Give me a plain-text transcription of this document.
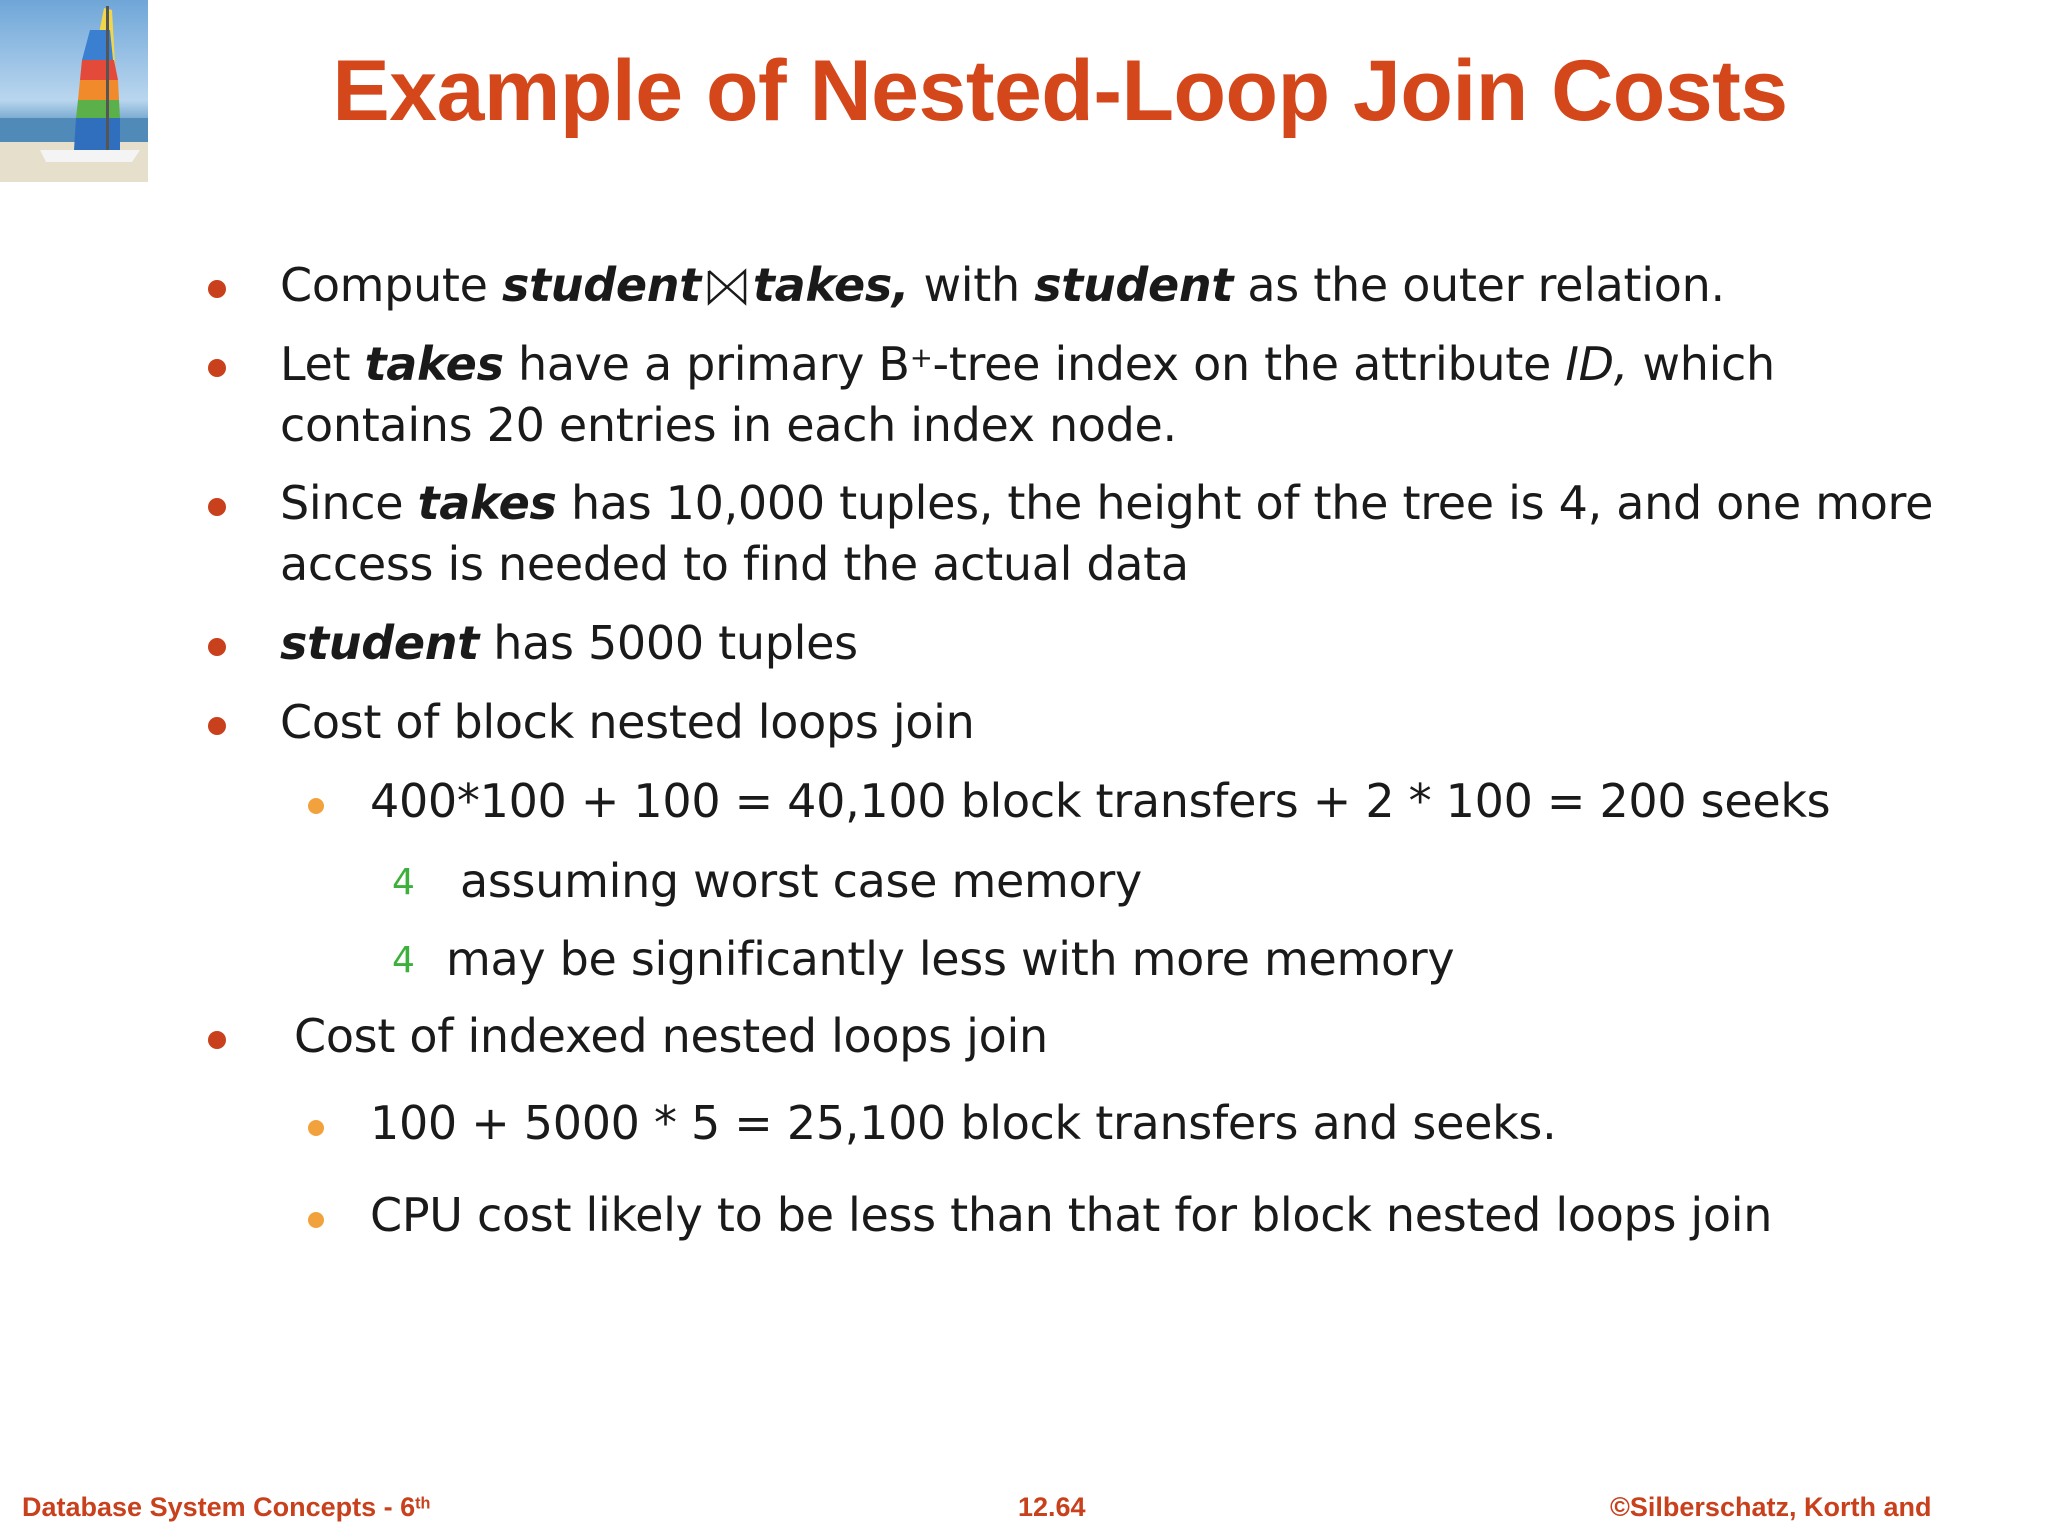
Example of Nested-Loop Join Costs
Compute student takes, with student as the outer relation.
Let takes have a primary B+-tree index on the attribute ID, which
contains 20 entries in each index node.
Since takes has 10,000 tuples, the height of the tree is 4, and one more
access is needed to find the actual data
student has 5000 tuples
Cost of block nested loops join
400*100 + 100 = 40,100 block transfers + 2 * 100 = 200 seeks
4 assuming worst case memory
4 may be significantly less with more memory
Cost of indexed nested loops join
100 + 5000 * 5 = 25,100 block transfers and seeks.
CPU cost likely to be less than that for block nested loops join
Database System Concepts - 6th	12.64	©Silberschatz, Korth and
